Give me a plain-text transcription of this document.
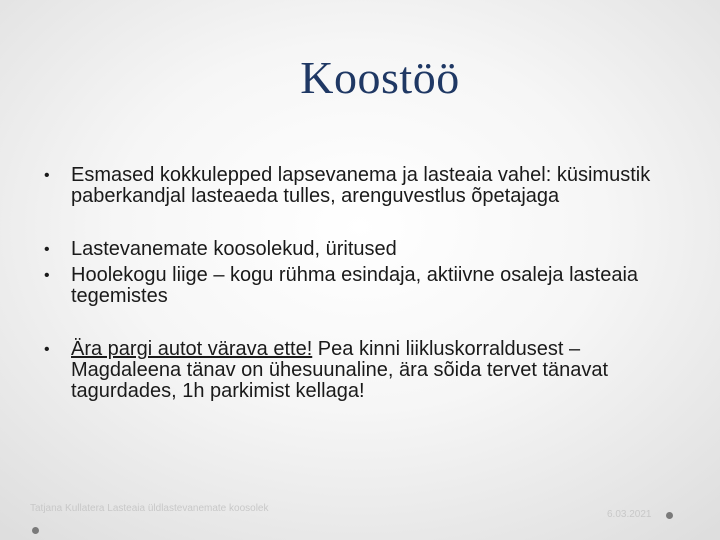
Koostöö
• Esmased kokkulepped lapsevanema ja lasteaia vahel: küsimustik paberkandjal lasteaeda tulles, arenguvestlus õpetajaga
• Lastevanemate koosolekud, üritused
• Hoolekogu liige – kogu rühma esindaja, aktiivne osaleja lasteaia tegemistes
• Ära pargi autot värava ette! Pea kinni liikluskorraldusest – Magdaleena tänav on ühesuunaline, ära sõida tervet tänavat tagurdades, 1h parkimist kellaga!
Tatjana Kullatera Lasteaia üldlastevanemate koosolek
6.03.2021
